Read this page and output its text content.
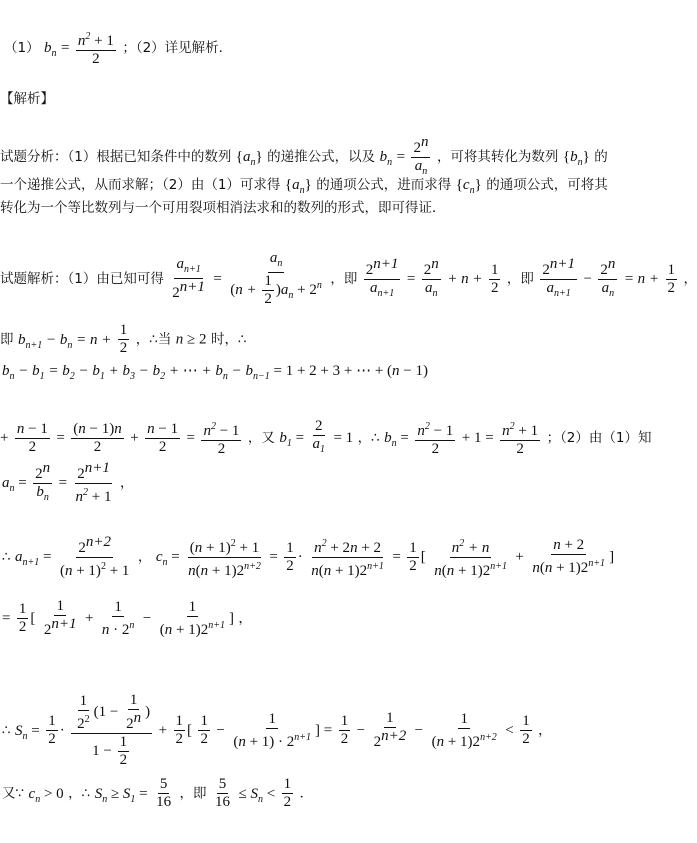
（1） $b_n = \frac{n^2 + 1}{2}$ ；（2）详见解析．
【解析】
试题分析：（1）根据已知条件中的数列 $\{a_n\}$ 的递推公式，以及 $b_n = \frac{2^n}{a_n}$ ，可将其转化为数列 $\{b_n\}$ 的
一个递推公式，从而求解；（2）由（1）可求得 $\{a_n\}$ 的通项公式，进而求得 $\{c_n\}$ 的通项公式，可将其
转化为一个等比数列与一个可用裂项相消法求和的数列的形式，即可得证．
试题解析：（1）由已知可得 $\frac{a_{n+1}}{2^{n+1}} = \frac{a_n}{(n + \frac{1}{2} )a_n + 2^n}$ ，即 $\frac{2^{n+1}}{a_{n+1}} = \frac{2^n}{a_n} + n + \frac{1}{2}$ ，即 $\frac{2^{n+1}}{a_{n+1}} - \frac{2^n}{a_n} = n + \frac{1}{2}$ ，
即 $b_{n+1} - b_n = n + \frac{1}{2}$ ，∴当 n ≥ 2 时，∴
$b_n - b_1 = b_2 - b_1 + b_3 - b_2$ + ⋯ + $b_n - b_{n-1} = 1 + 2 + 3$ + ⋯ + (n − 1)
+ $\frac{n - 1}{2} = \frac{(n - 1)n}{2} + \frac{n - 1}{2} = \frac{n^2 - 1}{2}$ ，又 $b_1 = \frac{2}{a_1} = 1$ ，∴ $b_n = \frac{n^2 - 1}{2} + 1 = \frac{n^2 + 1}{2}$ ；（2）由（1）知
$a_n = \frac{2^n}{b_n} = \frac{2^{n+1}}{n^2 + 1}$ ，
∴ $a_{n+1} = \frac{2^{n+2}}{(n + 1)^2 + 1}$ ， $c_n = \frac{(n + 1)^2 + 1}{n(n + 1)2^{n+2}} = \frac{1}{2} \cdot \frac{n^2 + 2n + 2}{n(n + 1)2^{n+1}} = \frac{1}{2}$ [ $\frac{n^2 + n}{n(n + 1)2^{n+1}} + \frac{n + 2}{n(n + 1)2^{n+1}}$ ]
= $\frac{1}{2}$ [ $\frac{1}{2^{n+1}} + \frac{1}{n \cdot 2^n} - \frac{1}{(n + 1)2^{n+1}}$ ] ，
∴ $S_n = \frac{1}{2} \cdot \frac{\frac{1}{2^2} (1 - \frac{1}{2^n} )}{1 - \frac{1}{2}} + \frac{1}{2}$ [ $\frac{1}{2} - \frac{1}{(n + 1) \cdot 2^{n+1}}$ ] = $\frac{1}{2} - \frac{1}{2^{n+2}} - \frac{1}{(n + 1)2^{n+2}} < \frac{1}{2}$ ，
又∵ $c_n > 0$ ，∴ $S_n \ge S_1 = \frac{5}{16}$ ，即 $\frac{5}{16} \le S_n < \frac{1}{2}$ ．
